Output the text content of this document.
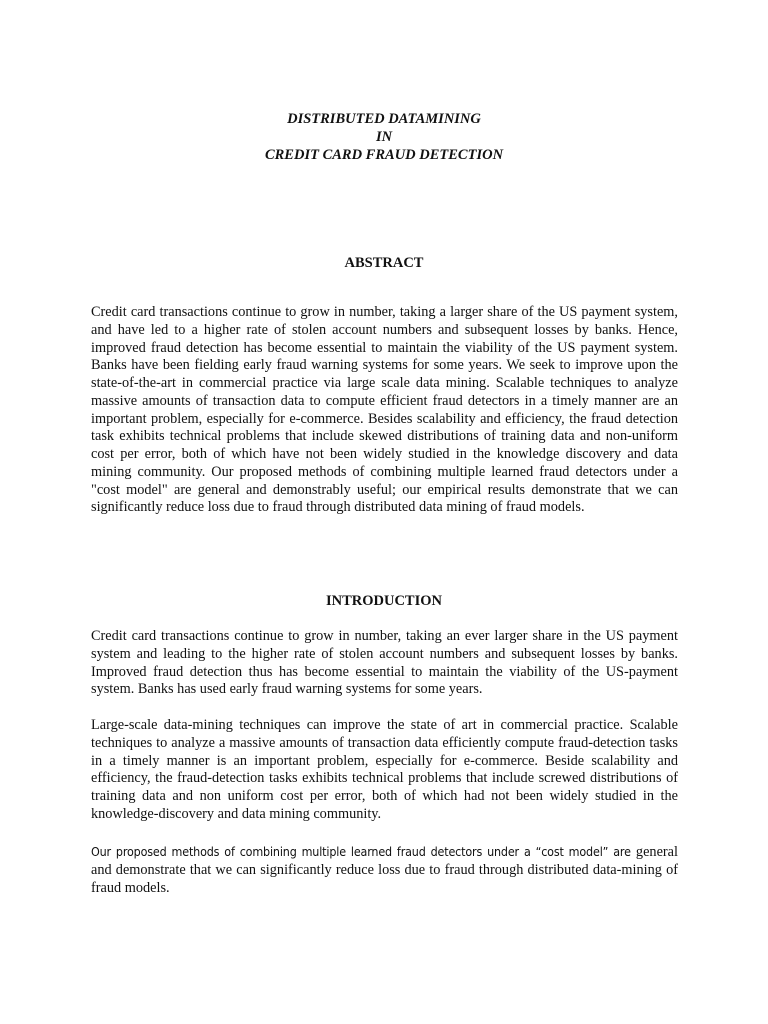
DISTRIBUTED DATAMINING
IN
CREDIT CARD FRAUD DETECTION
ABSTRACT

Credit card transactions continue to grow in number, taking a larger share of the US payment system, and have led to a higher rate of stolen account numbers and subsequent losses by banks. Hence, improved fraud detection has become essential to maintain the viability of the US payment system. Banks have been fielding early fraud warning systems for some years. We seek to improve upon the state-of-the-art in commercial practice via large scale data mining. Scalable techniques to analyze massive amounts of transaction data to compute efficient fraud detectors in a timely manner are an important problem, especially for e-commerce. Besides scalability and efficiency, the fraud detection task exhibits technical problems that include skewed distributions of training data and non-uniform cost per error, both of which have not been widely studied in the knowledge discovery and data mining community. Our proposed methods of combining multiple learned fraud detectors under a "cost model" are general and demonstrably useful; our empirical results demonstrate that we can significantly reduce loss due to fraud through distributed data mining of fraud models.

INTRODUCTION

Credit card transactions continue to grow in number, taking an ever larger share in the US payment system and leading to the higher rate of stolen account numbers and subsequent losses by banks. Improved fraud detection thus has become essential to maintain the viability of the US-payment system. Banks has used early fraud warning systems for some years.

Large-scale data-mining techniques can improve the state of art in commercial practice. Scalable techniques to analyze a massive amounts of transaction data efficiently compute fraud-detection tasks in a timely manner is an important problem, especially for e-commerce. Beside scalability and efficiency, the fraud-detection tasks exhibits technical problems that include screwed distributions of training data and non uniform cost per error, both of which had not been widely studied in the knowledge-discovery and data mining community.

Our proposed methods of combining multiple learned fraud detectors under a “cost model” are general and demonstrate that we can significantly reduce loss due to fraud through distributed data-mining of fraud models.
